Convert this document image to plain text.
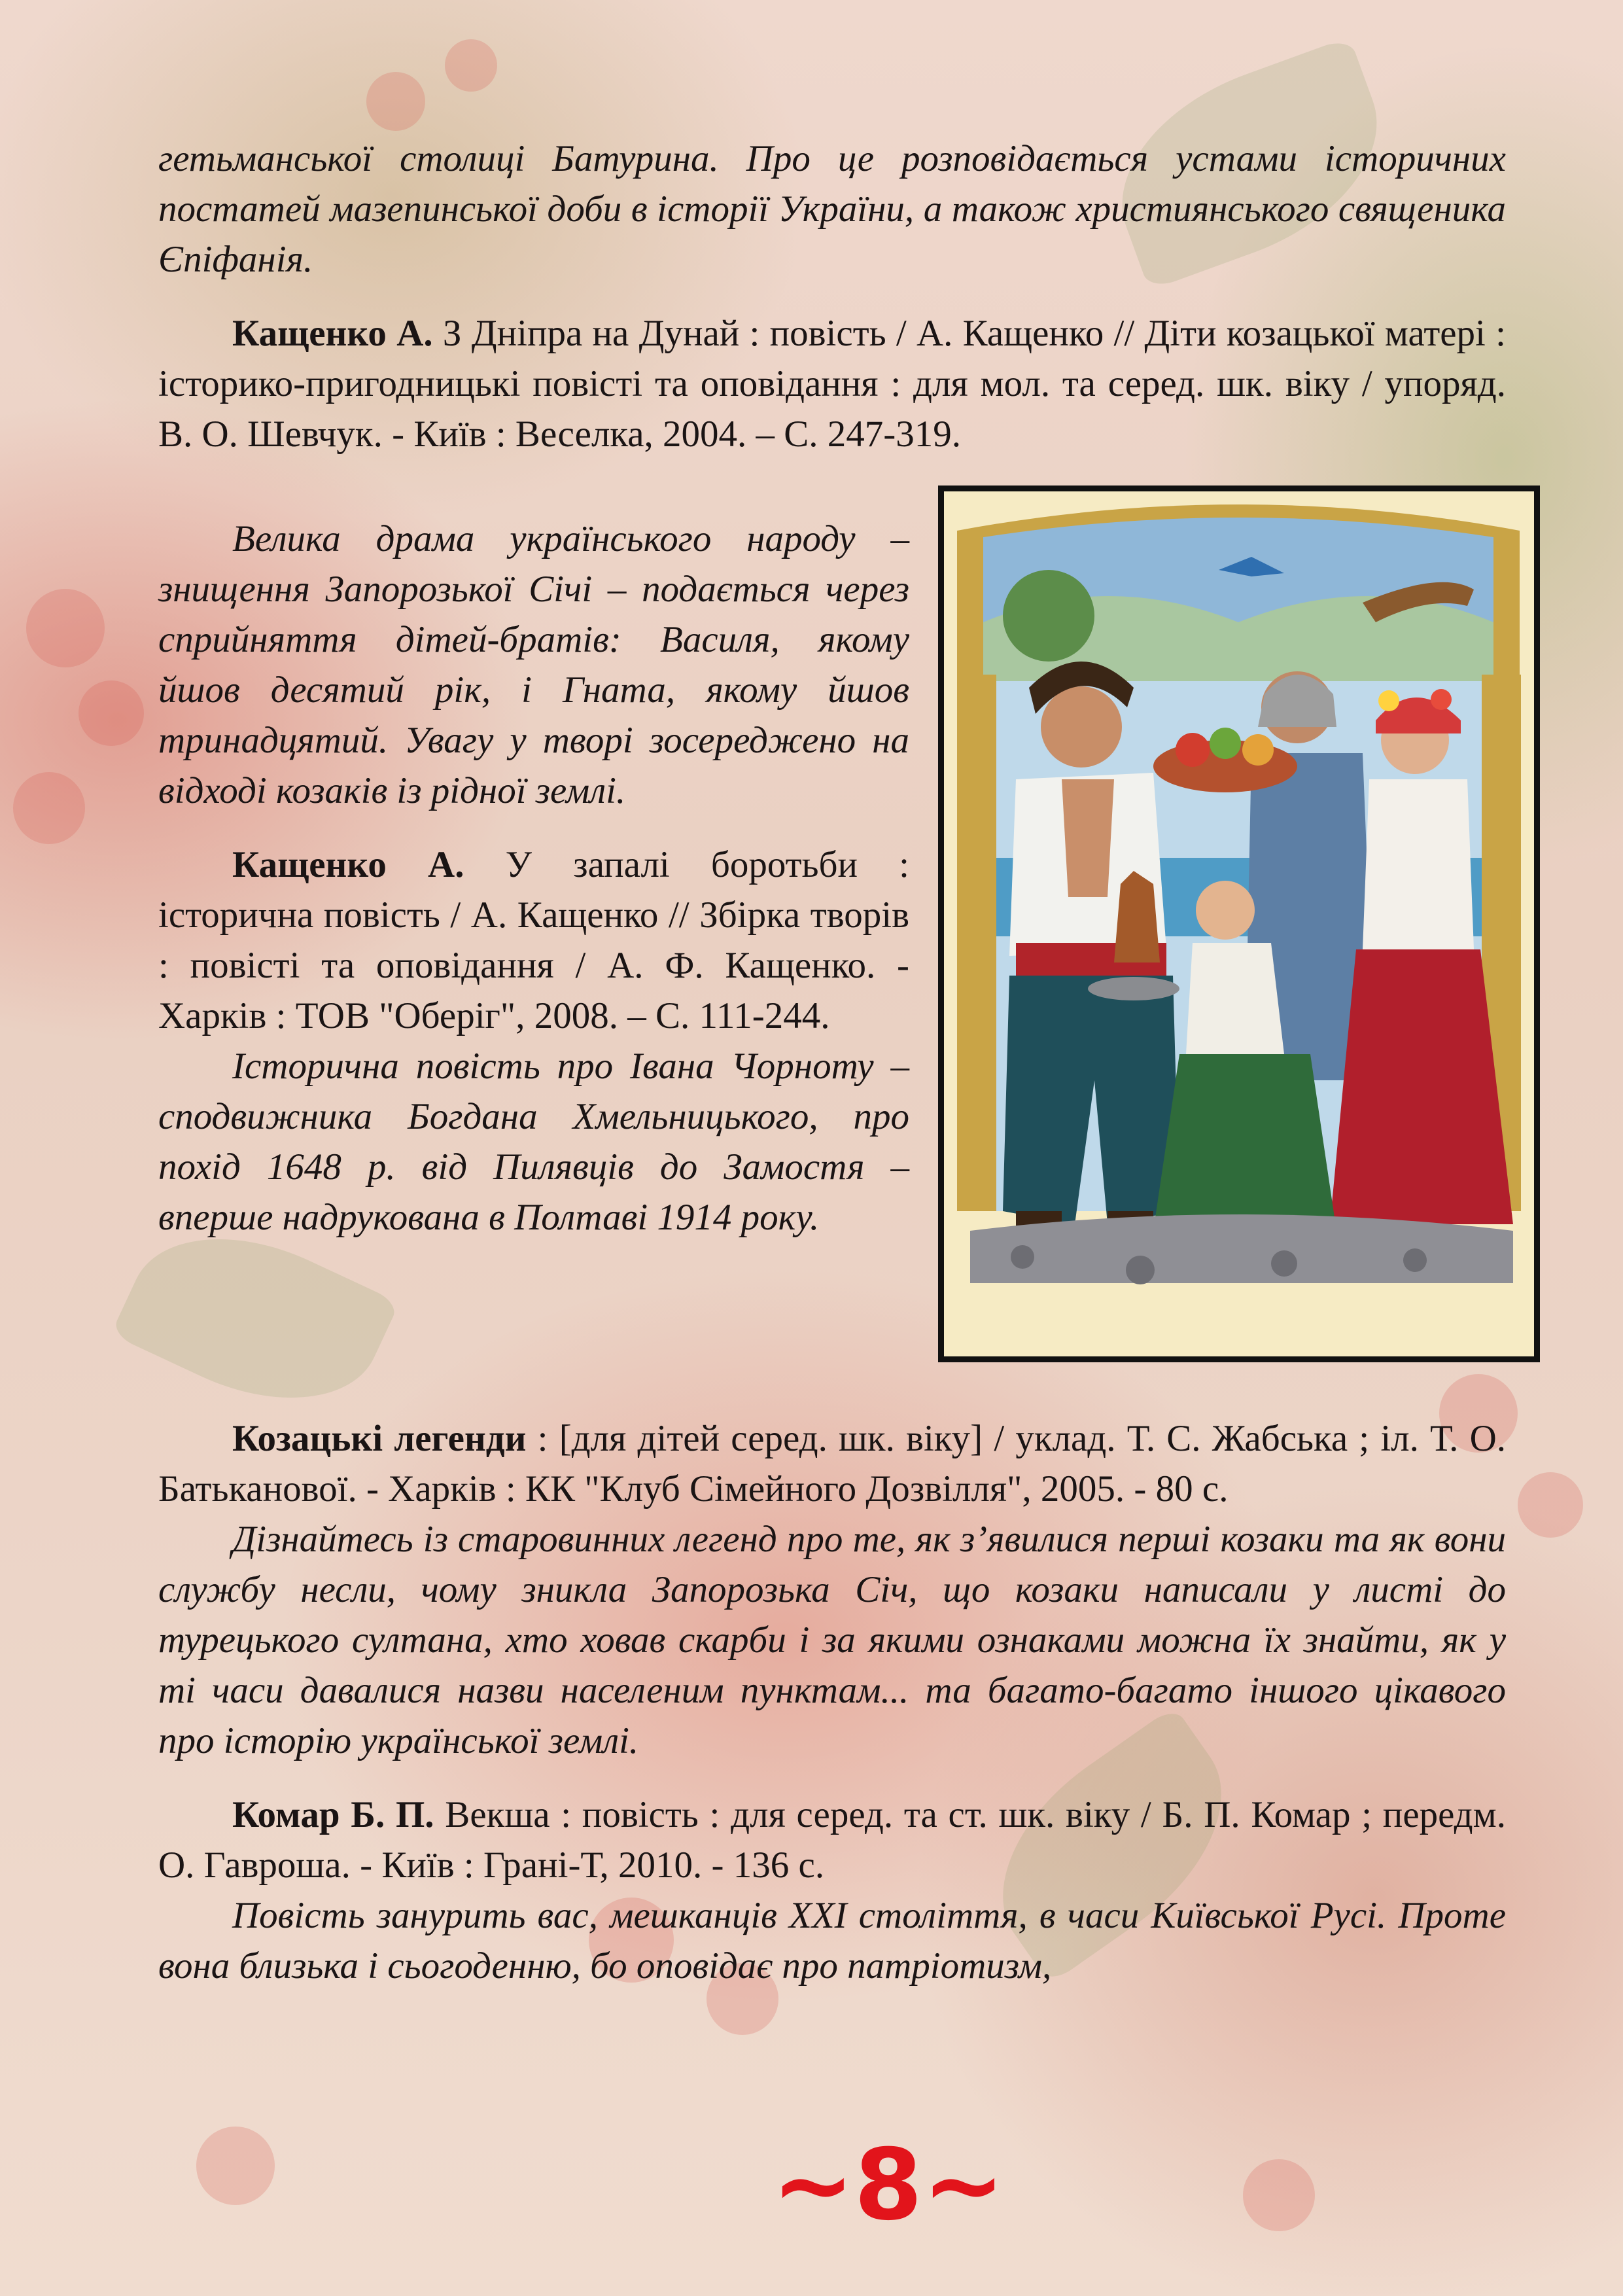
гетьманської столиці Батурина. Про це розповідається устами історичних постатей мазепинської доби в історії України, а також християнського священика Єпіфанія.

Кащенко А. З Дніпра на Дунай : повість / А. Кащенко // Діти козацької матері : історико-пригодницькі повісті та оповідання : для мол. та серед. шк. віку / упоряд. В. О. Шевчук. - Київ : Веселка, 2004. – С. 247-319.

Велика драма українського народу – знищення Запорозької Січі – подається через сприйняття дітей-братів: Василя, якому йшов десятий рік, і Гната, якому йшов тринадцятий. Увагу у творі зосереджено на відході козаків із рідної землі.

Кащенко А. У запалі боротьби : історична повість / А. Кащенко // Збірка творів : повісті та оповідання / А. Ф. Кащенко. - Харків : ТОВ "Оберіг", 2008. – С. 111-244.

Історична повість про Івана Чорноту – сподвижника Богдана Хмельницького, про похід 1648 р. від Пилявців до Замостя – вперше надрукована в Полтаві 1914 року.

Козацькі легенди : [для дітей серед. шк. віку] / уклад. Т. С. Жабська ; іл. Т. О. Батьканової. - Харків : КК "Клуб Сімейного Дозвілля", 2005. - 80 с.

Дізнайтесь із старовинних легенд про те, як з’явилися перші козаки та як вони службу несли, чому зникла Запорозька Січ, що козаки написали у листі до турецького султана, хто ховав скарби і за якими ознаками можна їх знайти, як у ті часи давалися назви населеним пунктам... та багато-багато іншого цікавого про історію української землі.

Комар Б. П. Векша : повість : для серед. та ст. шк. віку / Б. П. Комар ; передм. О. Гавроша. - Київ : Грані-Т, 2010. - 136 с.

Повість занурить вас, мешканців XXI століття, в часи Київської Русі. Проте вона близька і сьогоденню, бо оповідає про патріотизм,

~8~
